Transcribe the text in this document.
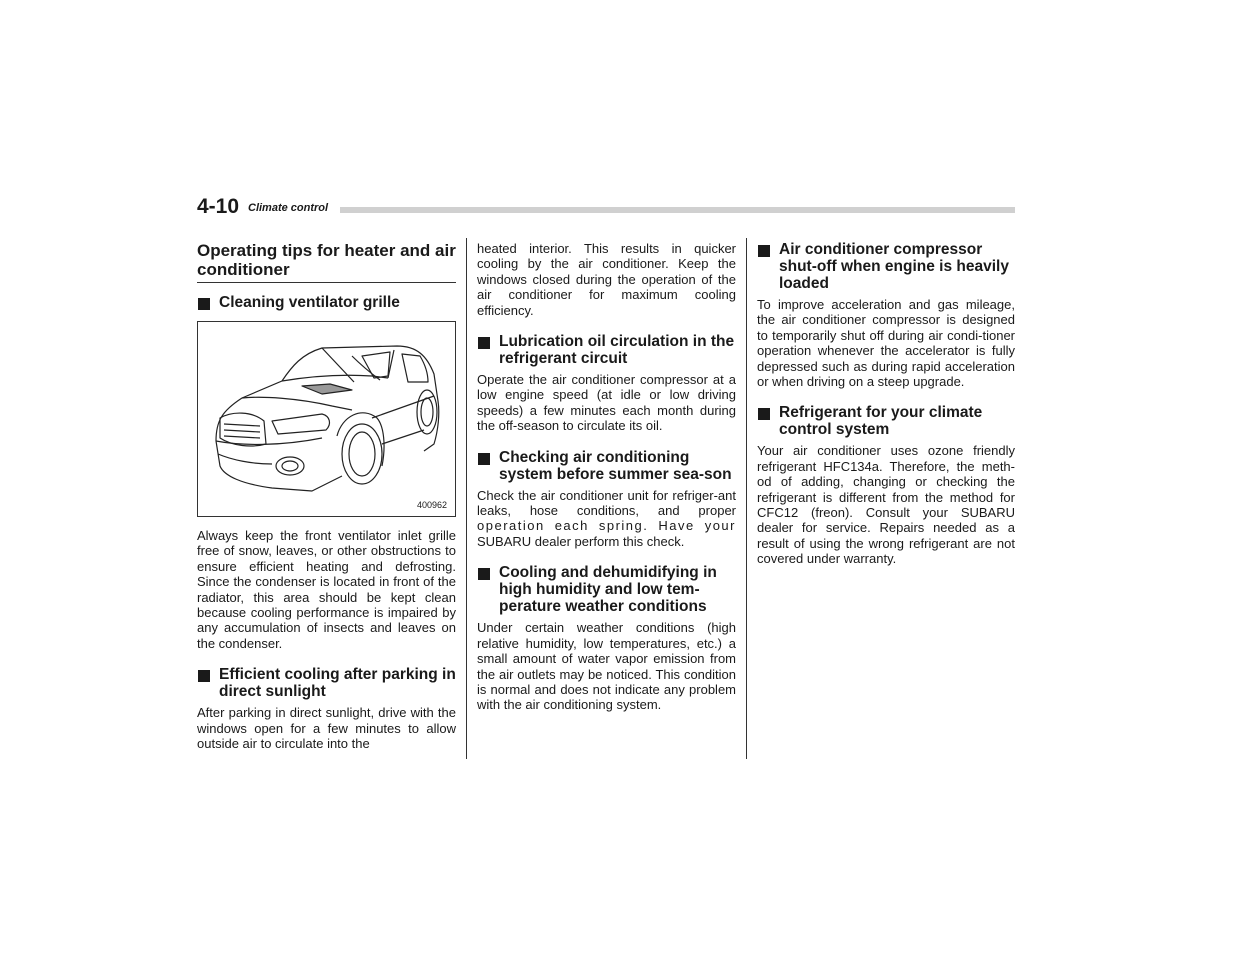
4-10 Climate control
Operating tips for heater and air conditioner
Cleaning ventilator grille
400962

Always keep the front ventilator inlet grille free of snow, leaves, or other obstructions to ensure efficient heating and defrosting. Since the condenser is located in front of the radiator, this area should be kept clean because cooling performance is impaired by any accumulation of insects and leaves on the condenser.

Efficient cooling after parking in direct sunlight

After parking in direct sunlight, drive with the windows open for a few minutes to allow outside air to circulate into the

heated interior. This results in quicker cooling by the air conditioner. Keep the windows closed during the operation of the air conditioner for maximum cooling efficiency.

Lubrication oil circulation in the refrigerant circuit

Operate the air conditioner compressor at a low engine speed (at idle or low driving speeds) a few minutes each month during the off-season to circulate its oil.

Checking air conditioning system before summer sea-son

Check the air conditioner unit for refriger-ant leaks, hose conditions, and proper operation each spring. Have your SUBARU dealer perform this check.

Cooling and dehumidifying in high humidity and low tem-perature weather conditions

Under certain weather conditions (high relative humidity, low temperatures, etc.) a small amount of water vapor emission from the air outlets may be noticed. This condition is normal and does not indicate any problem with the air conditioning system.

Air conditioner compressor shut-off when engine is heavily loaded

To improve acceleration and gas mileage, the air conditioner compressor is designed to temporarily shut off during air condi-tioner operation whenever the accelerator is fully depressed such as during rapid acceleration or when driving on a steep upgrade.

Refrigerant for your climate control system

Your air conditioner uses ozone friendly refrigerant HFC134a. Therefore, the meth-od of adding, changing or checking the refrigerant is different from the method for CFC12 (freon). Consult your SUBARU dealer for service. Repairs needed as a result of using the wrong refrigerant are not covered under warranty.
